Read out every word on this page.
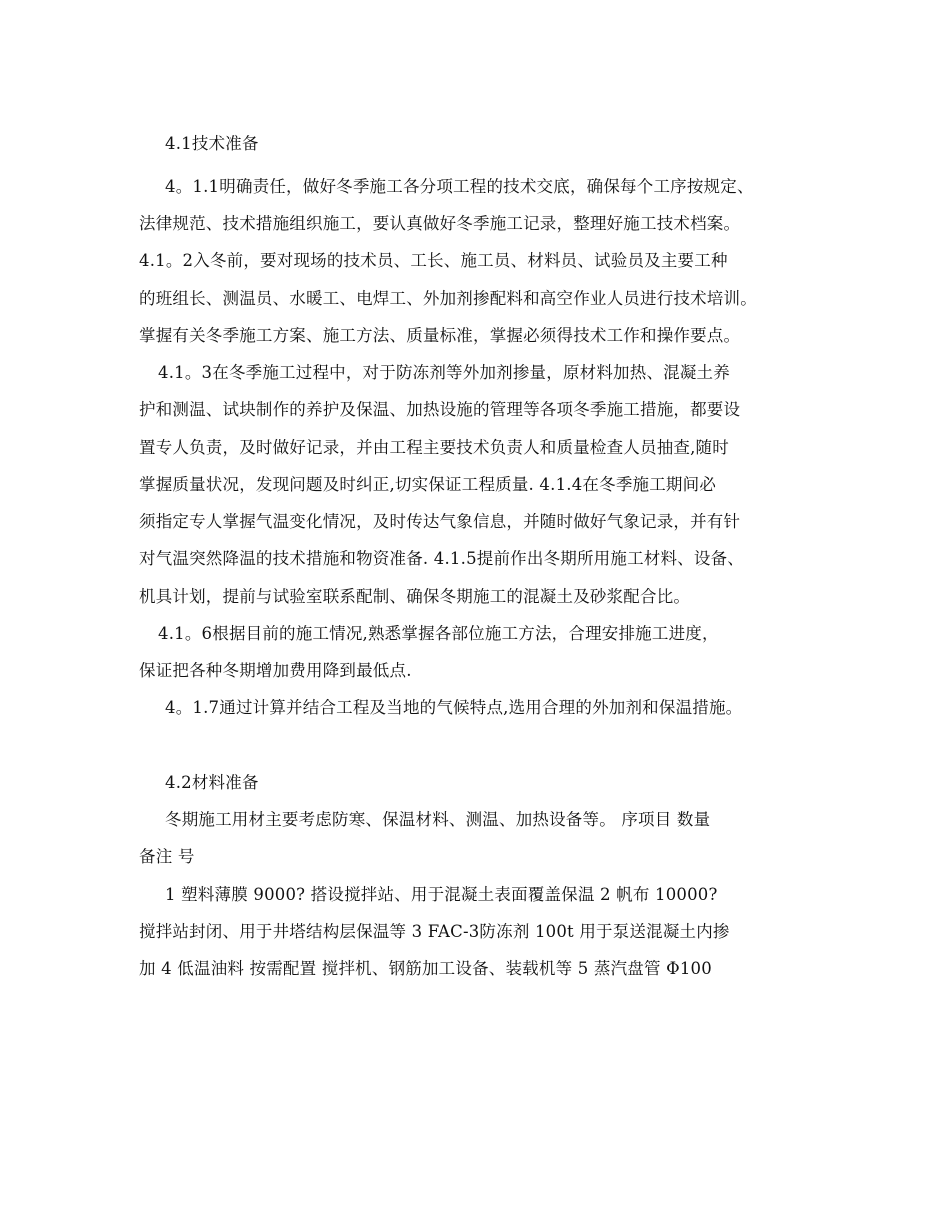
4.1技术准备
4。1.1明确责任，做好冬季施工各分项工程的技术交底，确保每个工序按规定、
法律规范、技术措施组织施工，要认真做好冬季施工记录，整理好施工技术档案。
4.1。2入冬前，要对现场的技术员、工长、施工员、材料员、试验员及主要工种
的班组长、测温员、水暖工、电焊工、外加剂掺配料和高空作业人员进行技术培训。
掌握有关冬季施工方案、施工方法、质量标准，掌握必须得技术工作和操作要点。
4.1。3在冬季施工过程中，对于防冻剂等外加剂掺量，原材料加热、混凝土养
护和测温、试块制作的养护及保温、加热设施的管理等各项冬季施工措施，都要设
置专人负责，及时做好记录，并由工程主要技术负责人和质量检查人员抽查,随时
掌握质量状况，发现问题及时纠正,切实保证工程质量. 4.1.4在冬季施工期间必
须指定专人掌握气温变化情况，及时传达气象信息，并随时做好气象记录，并有针
对气温突然降温的技术措施和物资准备. 4.1.5提前作出冬期所用施工材料、设备、
机具计划，提前与试验室联系配制、确保冬期施工的混凝土及砂浆配合比。
4.1。6根据目前的施工情况,熟悉掌握各部位施工方法，合理安排施工进度，
保证把各种冬期增加费用降到最低点.
4。1.7通过计算并结合工程及当地的气候特点,选用合理的外加剂和保温措施。
4.2材料准备
冬期施工用材主要考虑防寒、保温材料、测温、加热设备等。 序项目 数量
备注 号
1 塑料薄膜 9000? 搭设搅拌站、用于混凝土表面覆盖保温 2 帆布 10000?
搅拌站封闭、用于井塔结构层保温等 3 FAC-3防冻剂 100t 用于泵送混凝土内掺
加 4 低温油料 按需配置 搅拌机、钢筋加工设备、装载机等 5 蒸汽盘管 Φ100
